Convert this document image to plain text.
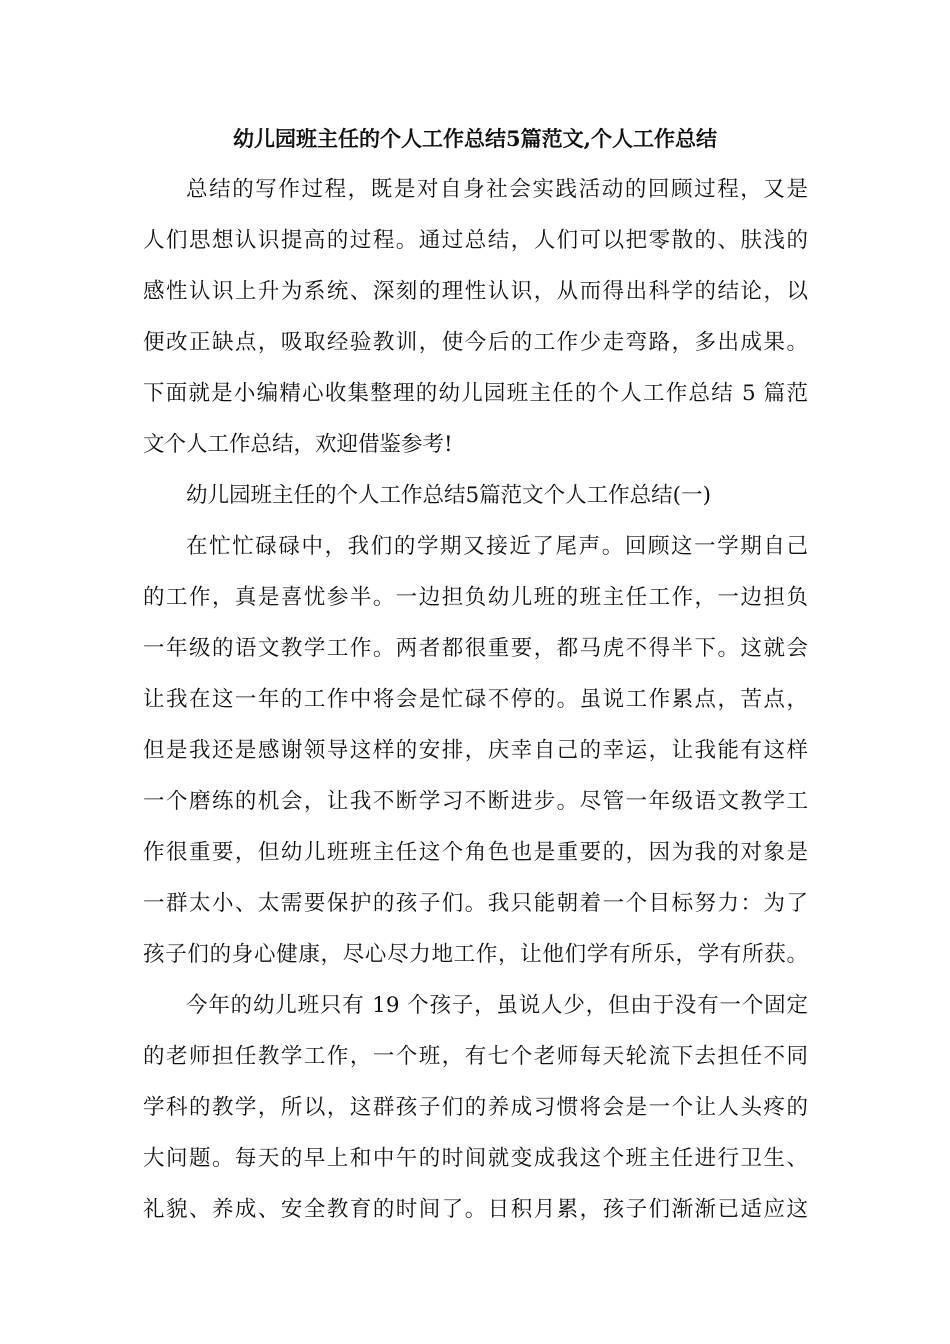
幼儿园班主任的个人工作总结5篇范文,个人工作总结
总结的写作过程，既是对自身社会实践活动的回顾过程，又是
人们思想认识提高的过程。通过总结，人们可以把零散的、肤浅的
感性认识上升为系统、深刻的理性认识，从而得出科学的结论，以
便改正缺点，吸取经验教训，使今后的工作少走弯路，多出成果。
下面就是小编精心收集整理的幼儿园班主任的个人工作总结 5 篇范
文个人工作总结，欢迎借鉴参考!
幼儿园班主任的个人工作总结5篇范文个人工作总结(一)
在忙忙碌碌中，我们的学期又接近了尾声。回顾这一学期自己
的工作，真是喜忧参半。一边担负幼儿班的班主任工作，一边担负
一年级的语文教学工作。两者都很重要，都马虎不得半下。这就会
让我在这一年的工作中将会是忙碌不停的。虽说工作累点，苦点，
但是我还是感谢领导这样的安排，庆幸自己的幸运，让我能有这样
一个磨练的机会，让我不断学习不断进步。尽管一年级语文教学工
作很重要，但幼儿班班主任这个角色也是重要的，因为我的对象是
一群太小、太需要保护的孩子们。我只能朝着一个目标努力：为了
孩子们的身心健康，尽心尽力地工作，让他们学有所乐，学有所获。
今年的幼儿班只有 19 个孩子，虽说人少，但由于没有一个固定
的老师担任教学工作，一个班，有七个老师每天轮流下去担任不同
学科的教学，所以，这群孩子们的养成习惯将会是一个让人头疼的
大问题。每天的早上和中午的时间就变成我这个班主任进行卫生、
礼貌、养成、安全教育的时间了。日积月累，孩子们渐渐已适应这
